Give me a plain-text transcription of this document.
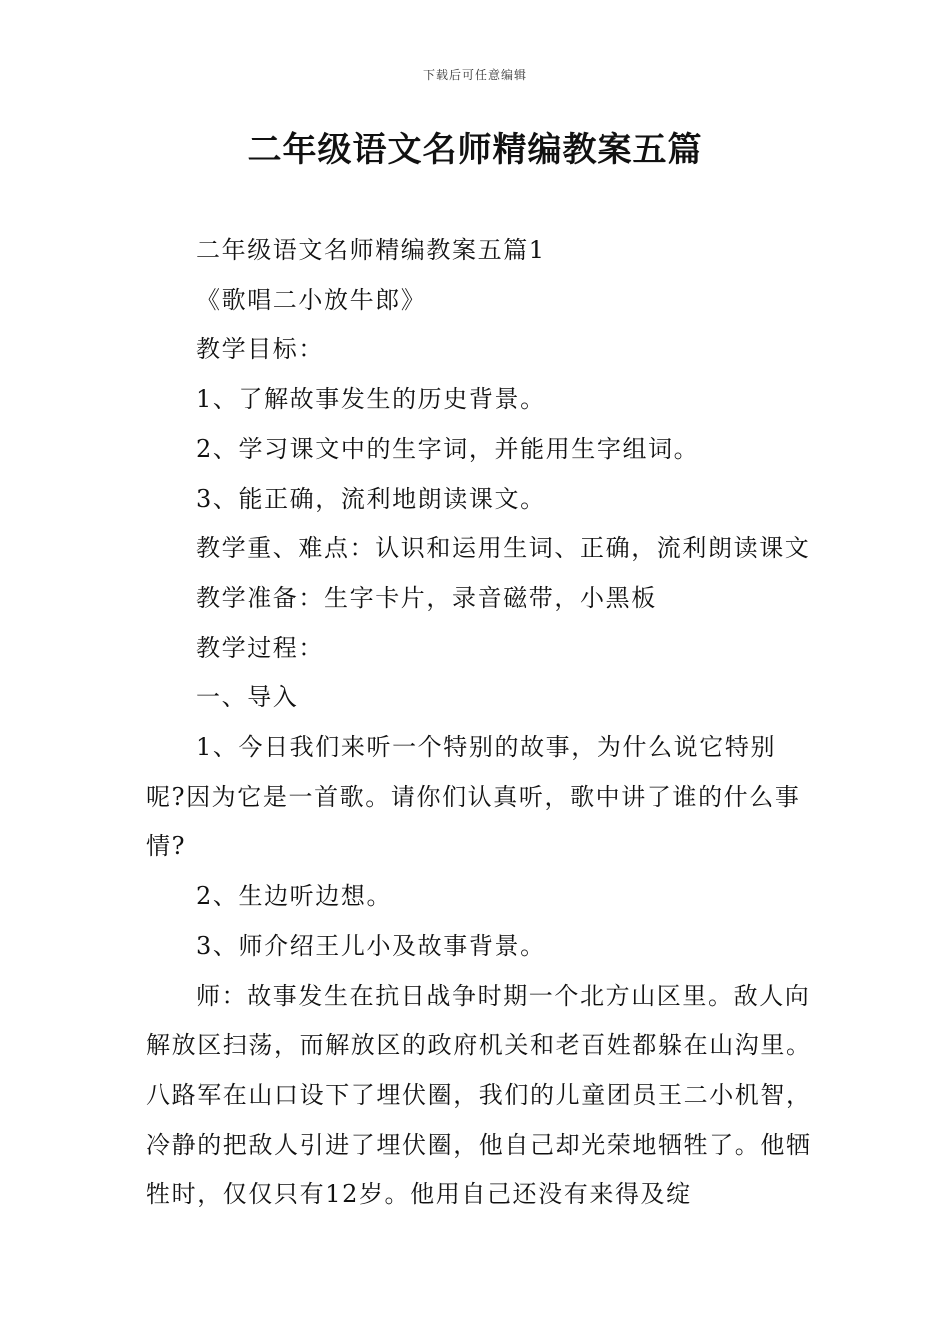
下载后可任意编辑
二年级语文名师精编教案五篇

二年级语文名师精编教案五篇1

《歌唱二小放牛郎》

教学目标：

1、了解故事发生的历史背景。

2、学习课文中的生字词，并能用生字组词。

3、能正确，流利地朗读课文。

教学重、难点：认识和运用生词、正确，流利朗读课文

教学准备：生字卡片，录音磁带，小黑板

教学过程：

一、导入

1、今日我们来听一个特别的故事，为什么说它特别呢?因为它是一首歌。请你们认真听，歌中讲了谁的什么事情?

2、生边听边想。

3、师介绍王儿小及故事背景。

师：故事发生在抗日战争时期一个北方山区里。敌人向解放区扫荡，而解放区的政府机关和老百姓都躲在山沟里。八路军在山口设下了埋伏圈，我们的儿童团员王二小机智，冷静的把敌人引进了埋伏圈，他自己却光荣地牺牲了。他牺牲时，仅仅只有12岁。他用自己还没有来得及绽
